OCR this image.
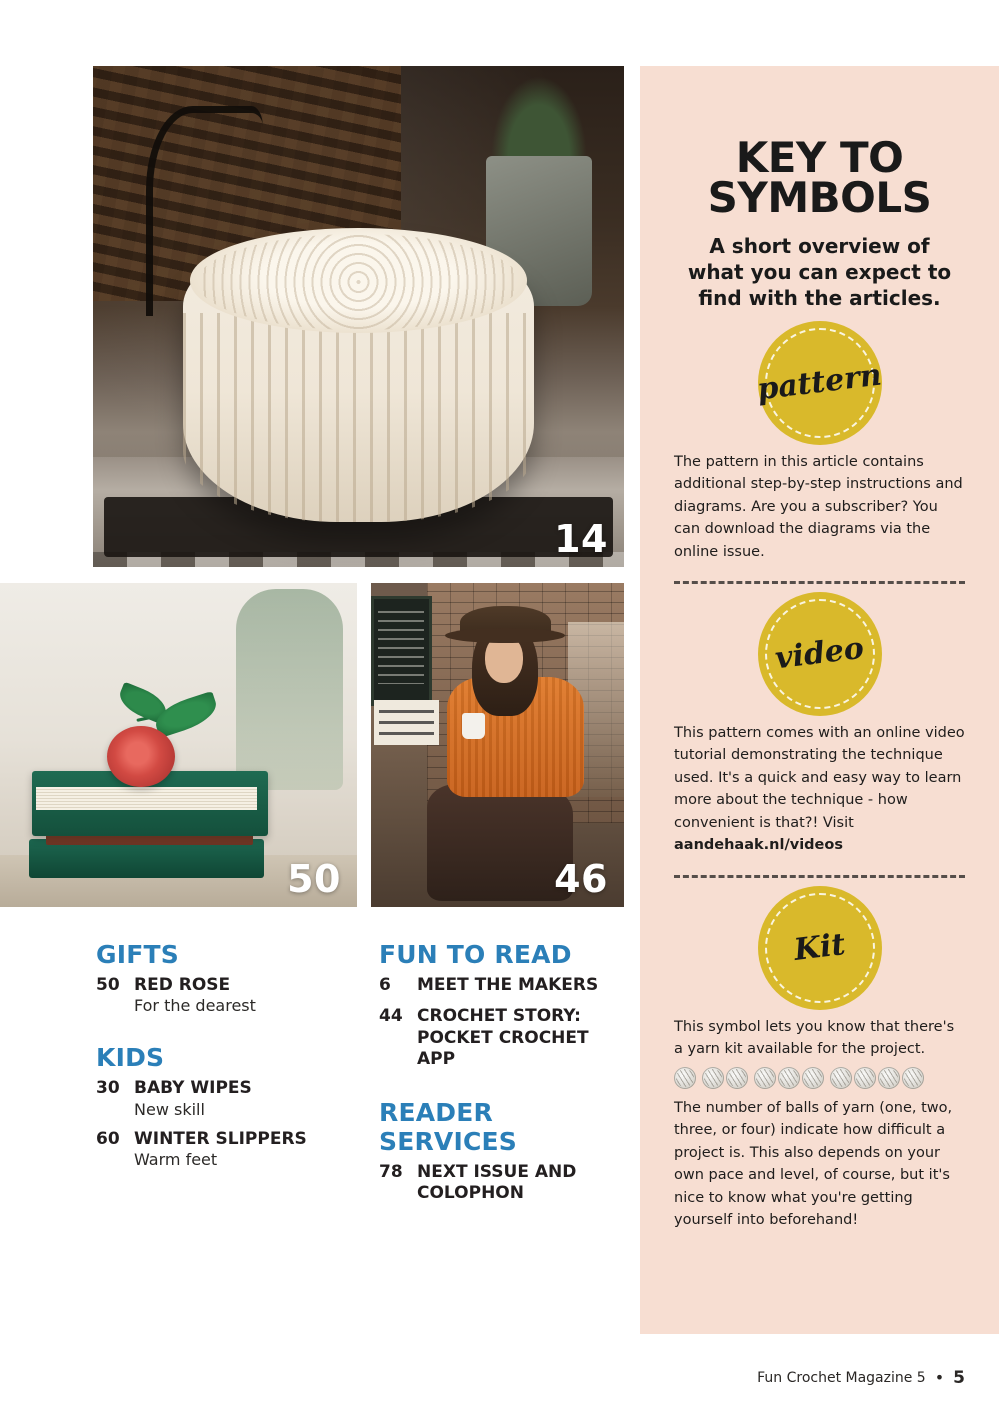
14
50	46
GIFTS
50 RED ROSE
For the dearest
KIDS
30 BABY WIPES
New skill
60 WINTER SLIPPERS
Warm feet
FUN TO READ
6	MEET THE MAKERS
44 CROCHET STORY: POCKET CROCHET APP
READER SERVICES
78 NEXT ISSUE AND COLOPHON
KEY TO
SYMBOLS

A short overview of what you can expect to find with the articles.

pattern

The pattern in this article contains additional step-by-step instructions and diagrams. Are you a subscriber? You can download the diagrams via the online issue.

video

This pattern comes with an online video tutorial demonstrating the technique used. It's a quick and easy way to learn more about the technique - how convenient is that?! Visit aandehaak.nl/videos

Kit

This symbol lets you know that there's a yarn kit available for the project.

The number of balls of yarn (one, two, three, or four) indicate how difficult a project is. This also depends on your own pace and level, of course, but it's nice to know what you're getting yourself into beforehand!

Fun Crochet Magazine 5 • 5
